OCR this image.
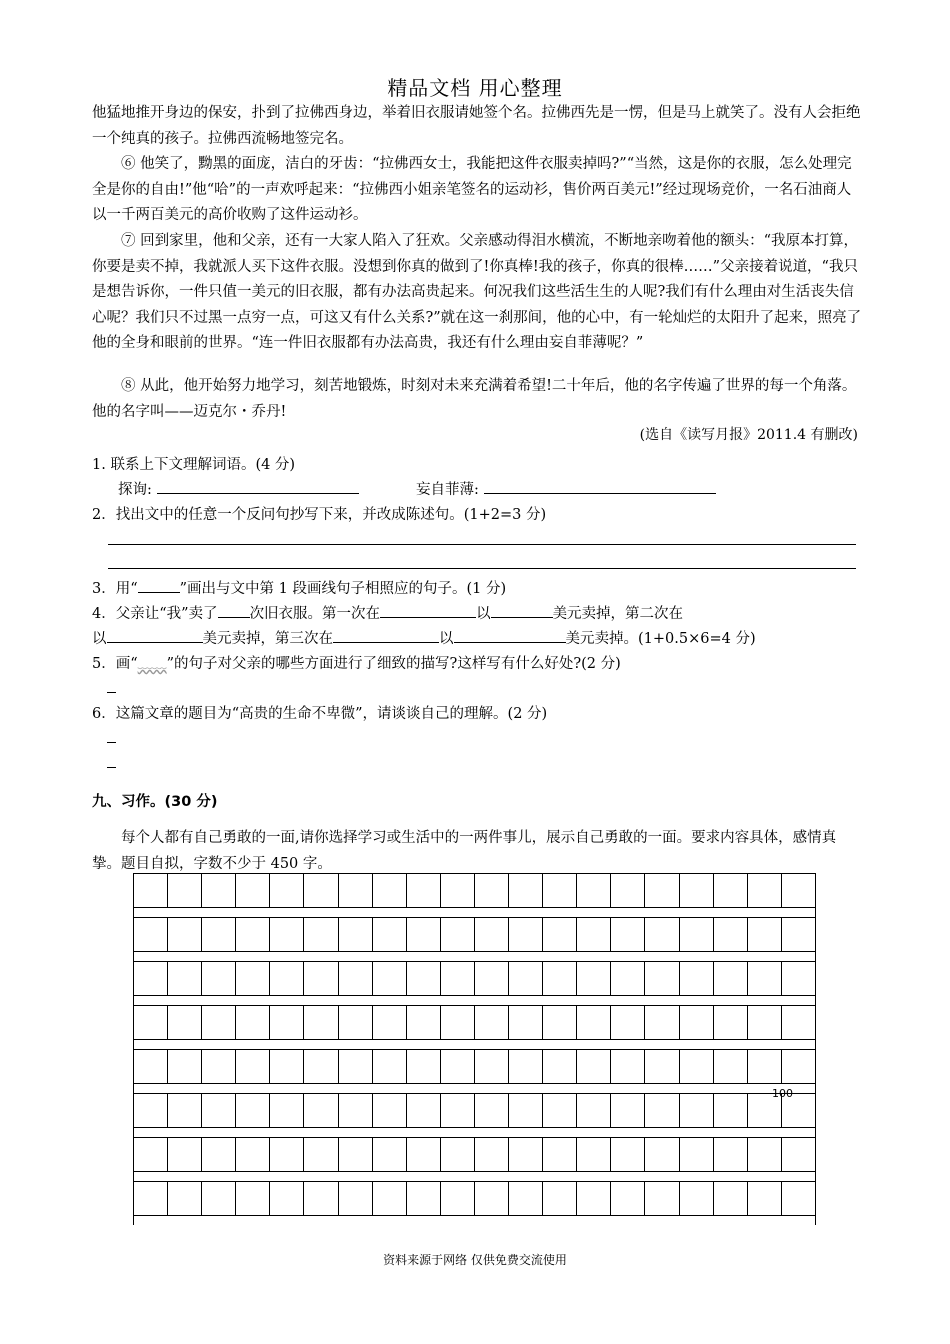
精品文档 用心整理
他猛地推开身边的保安，扑到了拉佛西身边，举着旧衣服请她签个名。拉佛西先是一愣，但是马上就笑了。没有人会拒绝一个纯真的孩子。拉佛西流畅地签完名。
⑥ 他笑了，黝黑的面庞，洁白的牙齿：“拉佛西女士，我能把这件衣服卖掉吗?”“当然，这是你的衣服，怎么处理完全是你的自由!”他“哈”的一声欢呼起来：“拉佛西小姐亲笔签名的运动衫，售价两百美元!”经过现场竞价，一名石油商人以一千两百美元的高价收购了这件运动衫。
⑦ 回到家里，他和父亲，还有一大家人陷入了狂欢。父亲感动得泪水横流，不断地亲吻着他的额头：“我原本打算，你要是卖不掉，我就派人买下这件衣服。没想到你真的做到了!你真棒!我的孩子，你真的很棒……”父亲接着说道，“我只是想告诉你，一件只值一美元的旧衣服，都有办法高贵起来。何况我们这些活生生的人呢?我们有什么理由对生活丧失信心呢？我们只不过黑一点穷一点，可这又有什么关系?”就在这一刹那间，他的心中，有一轮灿烂的太阳升了起来，照亮了他的全身和眼前的世界。“连一件旧衣服都有办法高贵，我还有什么理由妄自菲薄呢？”
⑧ 从此，他开始努力地学习，刻苦地锻炼，时刻对未来充满着希望!二十年后，他的名字传遍了世界的每一个角落。他的名字叫——迈克尔・乔丹!
(选自《读写月报》2011.4 有删改)
1. 联系上下文理解词语。(4 分)
探询:	妄自菲薄:
2．找出文中的任意一个反问句抄写下来，并改成陈述句。(1+2=3 分)
3．用“	”画出与文中第 1 段画线句子相照应的句子。(1 分)
4．父亲让“我”卖了 次旧衣服。第一次在	以	美元卖掉，第二次在
以	美元卖掉，第三次在	以	美元卖掉。(1+0.5×6=4 分)
5．画“﹏﹏”的句子对父亲的哪些方面进行了细致的描写?这样写有什么好处?(2 分)
6．这篇文章的题目为“高贵的生命不卑微”，请谈谈自己的理解。(2 分)
九、习作。(30 分)
每个人都有自己勇敢的一面,请你选择学习或生活中的一两件事儿，展示自己勇敢的一面。要求内容具体，感情真挚。题目自拟，字数不少于 450 字。
100
资料来源于网络 仅供免费交流使用
